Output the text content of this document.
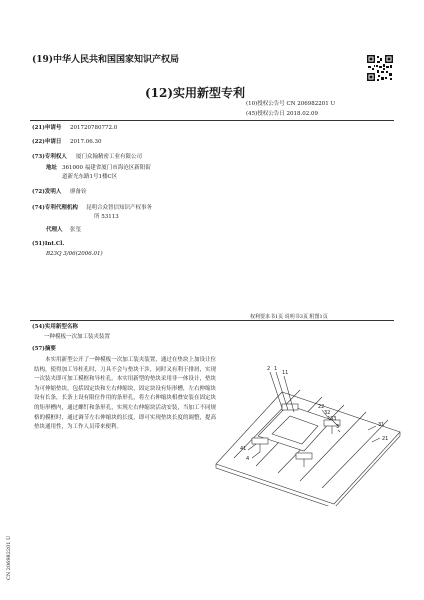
(19)中华人民共和国国家知识产权局
(12)实用新型专利
(10)授权公告号 CN 206982201 U
(45)授权公告日 2018.02.09
(21)申请号 201720780772.0
(22)申请日 2017.06.30
(73)专利权人 厦门众翰精密工业有限公司
地址 361000 福建省厦门市海沧区新阳街
道新光东路1号1楼C区
(72)发明人 廖备铨
(74)专利代理机构 昆明合众智信知识产权事务
所 53113
代理人 张玺
(51)Int.Cl.
B23Q 3/06(2006.01)
权利要求书1页 说明书3页 附图1页
(54)实用新型名称
一种模板一次加工装夹装置
(57)摘要
本实用新型公开了一种模板一次加工装夹装置，通过在垫块上加设让位结构，使得加工导柱孔时，刀具不会与垫块干涉，同时又有利于排屑，实现一次装夹即可加工模框和导柱孔。本实用新型的垫块采用非一体设计，垫块为可伸缩垫块，包括固定块和左右伸缩块，固定块设有矩形槽，左右伸缩块设有长条，长条上设有限位作用的条形孔，将左右伸缩块相叠安装在固定块的矩形槽内，通过螺钉和条形孔，实现左右伸缩块活动安装，当加工不同规格的模框时，通过调节左右伸缩块的长度，即可实现垫块长度的调整，提高垫块通用性，为工作人员带来便利。
2 1
11
22
32
33
3
41
4
31
21
CN 206982201 U
